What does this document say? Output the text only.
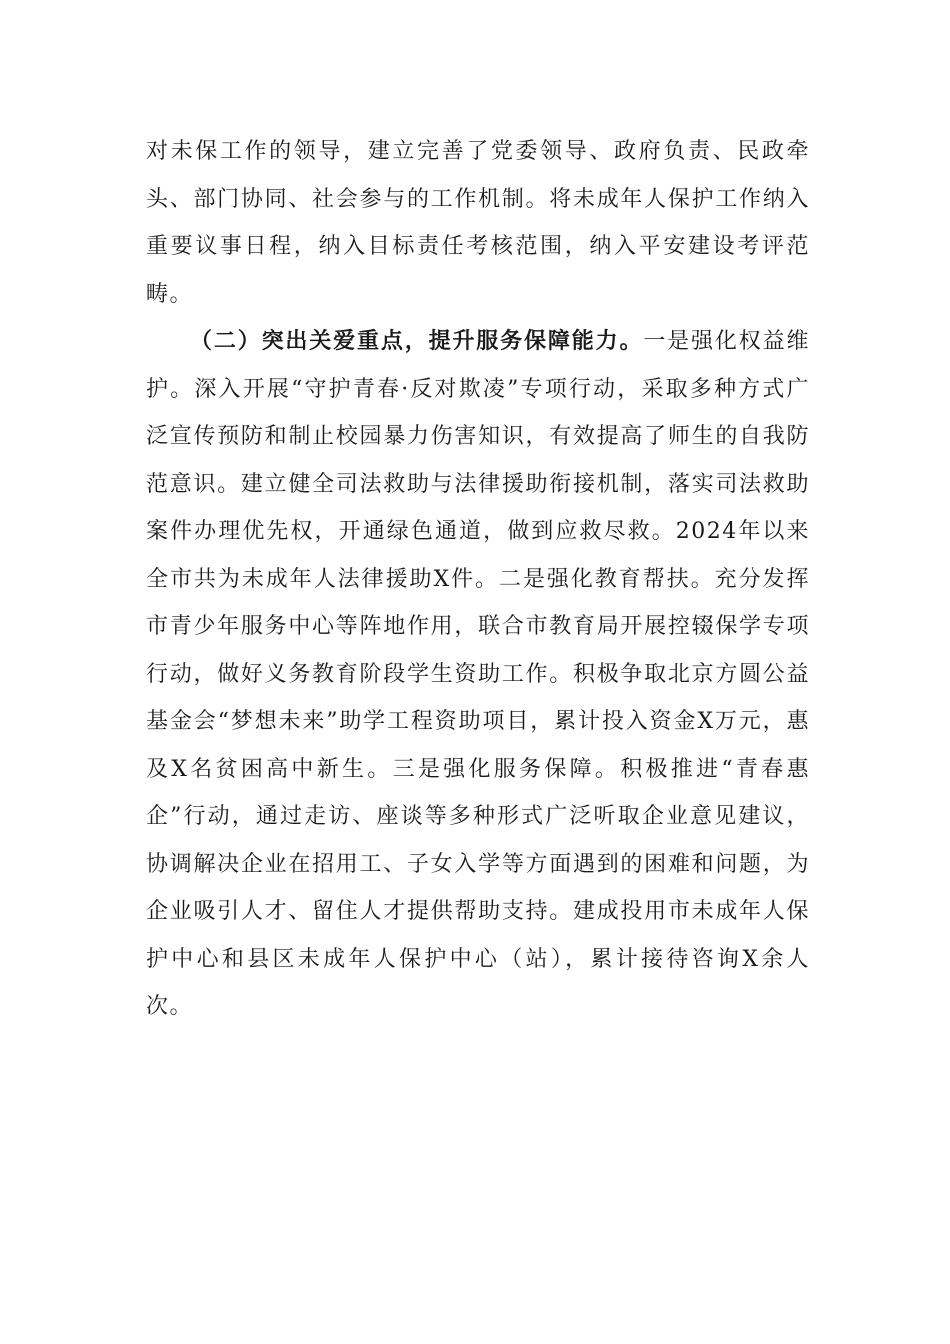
对未保工作的领导，建立完善了党委领导、政府负责、民政牵头、部门协同、社会参与的工作机制。将未成年人保护工作纳入重要议事日程，纳入目标责任考核范围，纳入平安建设考评范畴。

（二）突出关爱重点，提升服务保障能力。一是强化权益维护。深入开展“守护青春·反对欺凌”专项行动，采取多种方式广泛宣传预防和制止校园暴力伤害知识，有效提高了师生的自我防范意识。建立健全司法救助与法律援助衔接机制，落实司法救助案件办理优先权，开通绿色通道，做到应救尽救。2024年以来全市共为未成年人法律援助X件。二是强化教育帮扶。充分发挥市青少年服务中心等阵地作用，联合市教育局开展控辍保学专项行动，做好义务教育阶段学生资助工作。积极争取北京方圆公益基金会“梦想未来”助学工程资助项目，累计投入资金X万元，惠及X名贫困高中新生。三是强化服务保障。积极推进“青春惠企”行动，通过走访、座谈等多种形式广泛听取企业意见建议，协调解决企业在招用工、子女入学等方面遇到的困难和问题，为企业吸引人才、留住人才提供帮助支持。建成投用市未成年人保护中心和县区未成年人保护中心（站），累计接待咨询X余人次。
